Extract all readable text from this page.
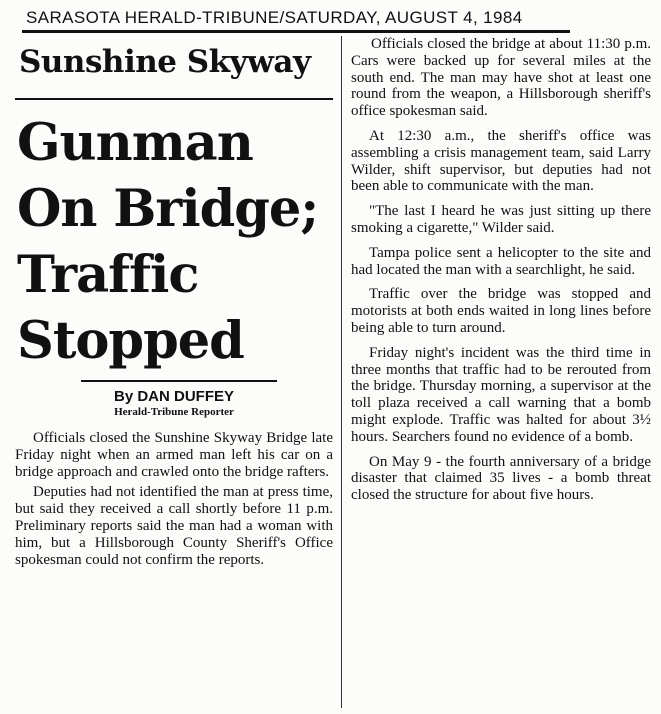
SARASOTA HERALD-TRIBUNE/SATURDAY, AUGUST 4, 1984
Sunshine Skyway
Gunman
On Bridge;
Traffic
Stopped
By DAN DUFFEY
Herald-Tribune Reporter

Officials closed the Sunshine Skyway Bridge late Friday night when an armed man left his car on a bridge approach and crawled onto the bridge rafters.

Deputies had not identified the man at press time, but said they received a call shortly before 11 p.m. Preliminary reports said the man had a woman with him, but a Hillsborough County Sheriff's Office spokesman could not confirm the reports.

Officials closed the bridge at about 11:30 p.m. Cars were backed up for several miles at the south end. The man may have shot at least one round from the weapon, a Hillsborough sheriff's office spokesman said.

At 12:30 a.m., the sheriff's office was assembling a crisis management team, said Larry Wilder, shift supervisor, but deputies had not been able to communicate with the man.

"The last I heard he was just sitting up there smoking a cigarette," Wilder said.

Tampa police sent a helicopter to the site and had located the man with a searchlight, he said.

Traffic over the bridge was stopped and motorists at both ends waited in long lines before being able to turn around.

Friday night's incident was the third time in three months that traffic had to be rerouted from the bridge. Thursday morning, a supervisor at the toll plaza received a call warning that a bomb might explode. Traffic was halted for about 3½ hours. Searchers found no evidence of a bomb.

On May 9 - the fourth anniversary of a bridge disaster that claimed 35 lives - a bomb threat closed the structure for about five hours.
